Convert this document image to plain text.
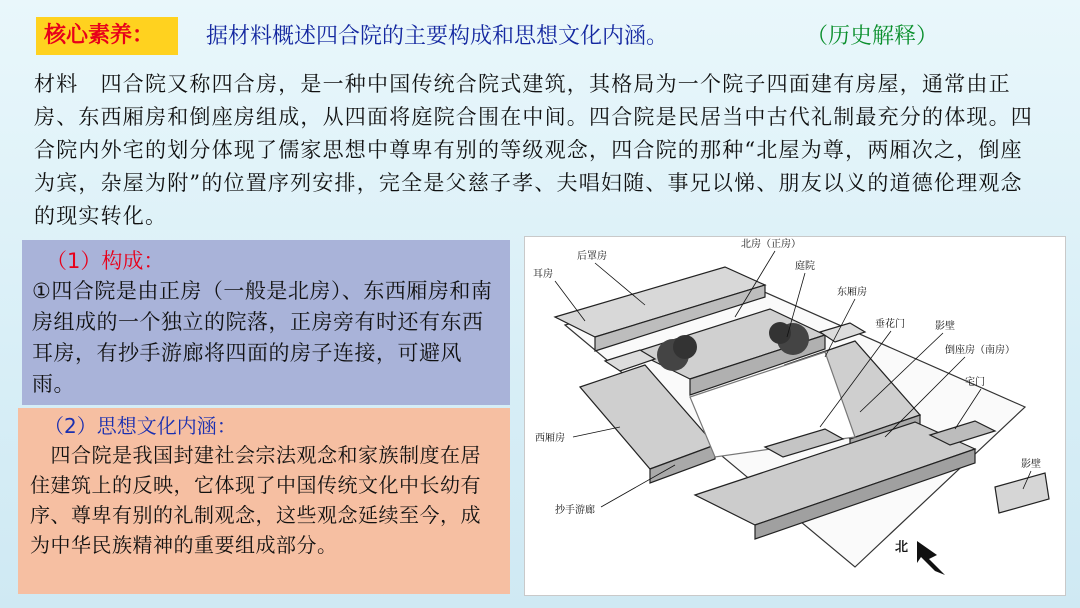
核心素养：	据材料概述四合院的主要构成和思想文化内涵。	（历史解释）
材料　四合院又称四合房，是一种中国传统合院式建筑，其格局为一个院子四面建有房屋，通常由正房、东西厢房和倒座房组成，从四面将庭院合围在中间。四合院是民居当中古代礼制最充分的体现。四合院内外宅的划分体现了儒家思想中尊卑有别的等级观念，四合院的那种“北屋为尊，两厢次之，倒座为宾，杂屋为附”的位置序列安排，完全是父慈子孝、夫唱妇随、事兄以悌、朋友以义的道德伦理观念的现实转化。
（1）构成：
①四合院是由正房（一般是北房）、东西厢房和南房组成的一个独立的院落，正房旁有时还有东西耳房，有抄手游廊将四面的房子连接，可避风雨。
（2）思想文化内涵：
　四合院是我国封建社会宗法观念和家族制度在居住建筑上的反映，它体现了中国传统文化中长幼有序、尊卑有别的礼制观念，这些观念延续至今，成为中华民族精神的重要组成部分。
后罩房
北房（正房）
耳房
庭院
东厢房
垂花门	影壁
倒座房（南房）
宅门
西厢房
影壁
抄手游廊
北
